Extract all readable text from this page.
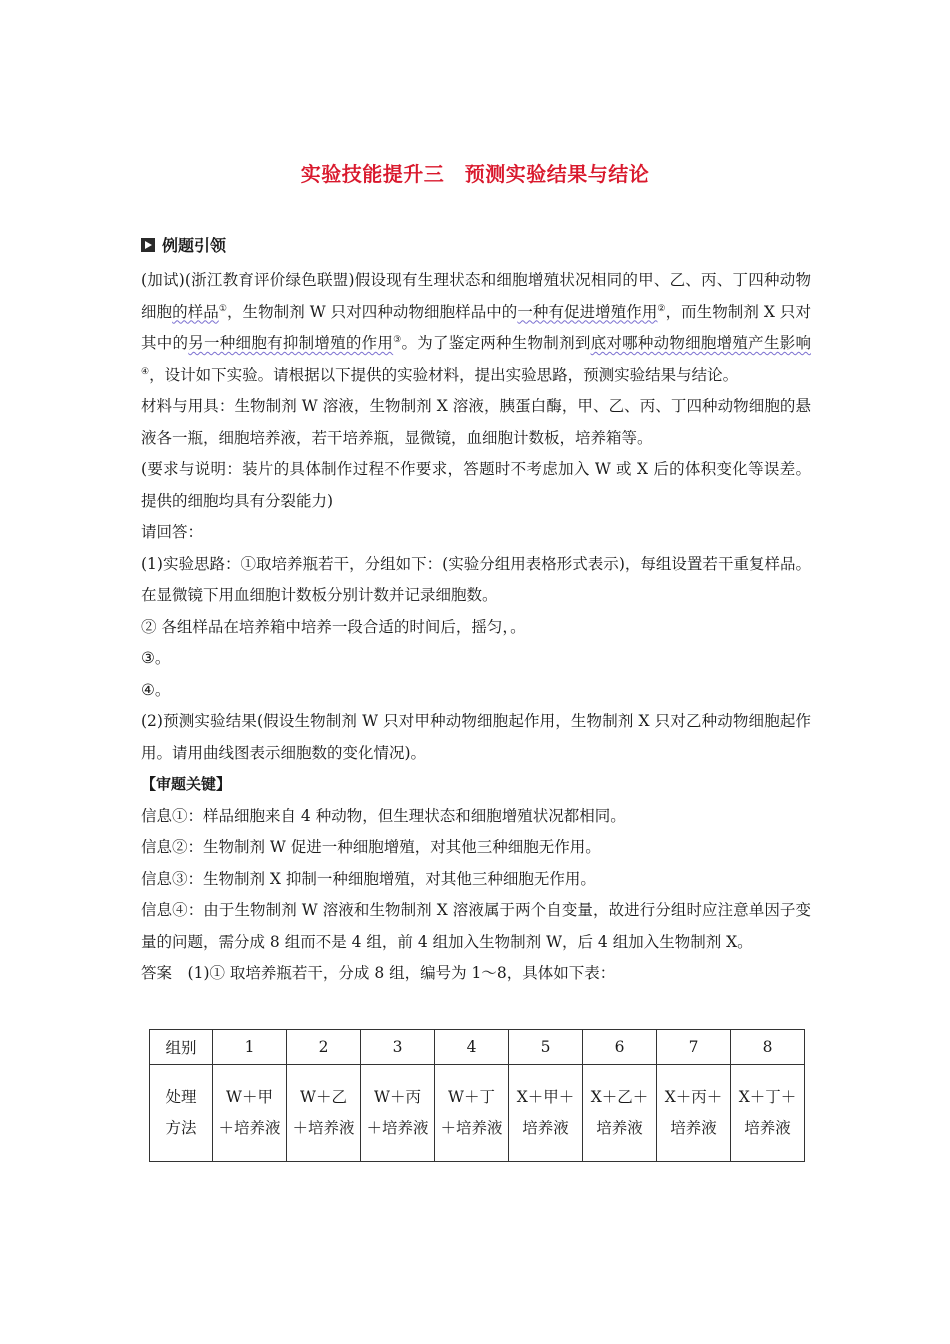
实验技能提升三　预测实验结果与结论
例题引领

(加试)(浙江教育评价绿色联盟)假设现有生理状态和细胞增殖状况相同的甲、乙、丙、丁四种动物细胞的样品①，生物制剂 W 只对四种动物细胞样品中的一种有促进增殖作用②，而生物制剂 X 只对其中的另一种细胞有抑制增殖的作用③。为了鉴定两种生物制剂到底对哪种动物细胞增殖产生影响④，设计如下实验。请根据以下提供的实验材料，提出实验思路，预测实验结果与结论。

材料与用具：生物制剂 W 溶液，生物制剂 X 溶液，胰蛋白酶，甲、乙、丙、丁四种动物细胞的悬液各一瓶，细胞培养液，若干培养瓶，显微镜，血细胞计数板，培养箱等。

(要求与说明：装片的具体制作过程不作要求，答题时不考虑加入 W 或 X 后的体积变化等误差。提供的细胞均具有分裂能力)

请回答：

(1)实验思路：①取培养瓶若干，分组如下：(实验分组用表格形式表示)，每组设置若干重复样品。在显微镜下用血细胞计数板分别计数并记录细胞数。

② 各组样品在培养箱中培养一段合适的时间后，摇匀，。

③。

④。

(2)预测实验结果(假设生物制剂 W 只对甲种动物细胞起作用，生物制剂 X 只对乙种动物细胞起作用。请用曲线图表示细胞数的变化情况)。

【审题关键】

信息①：样品细胞来自 4 种动物，但生理状态和细胞增殖状况都相同。

信息②：生物制剂 W 促进一种细胞增殖，对其他三种细胞无作用。

信息③：生物制剂 X 抑制一种细胞增殖，对其他三种细胞无作用。

信息④：由于生物制剂 W 溶液和生物制剂 X 溶液属于两个自变量，故进行分组时应注意单因子变量的问题，需分成 8 组而不是 4 组，前 4 组加入生物制剂 W，后 4 组加入生物制剂 X。

答案　 (1)① 取培养瓶若干，分成 8 组，编号为 1～8，具体如下表：

组别	1	2	3	4	5	6	7	8

处理方法	W＋甲＋培养液	W＋乙＋培养液	W＋丙＋培养液	W＋丁＋培养液	X＋甲＋培养液	X＋乙＋培养液	X＋丙＋培养液	X＋丁＋培养液
